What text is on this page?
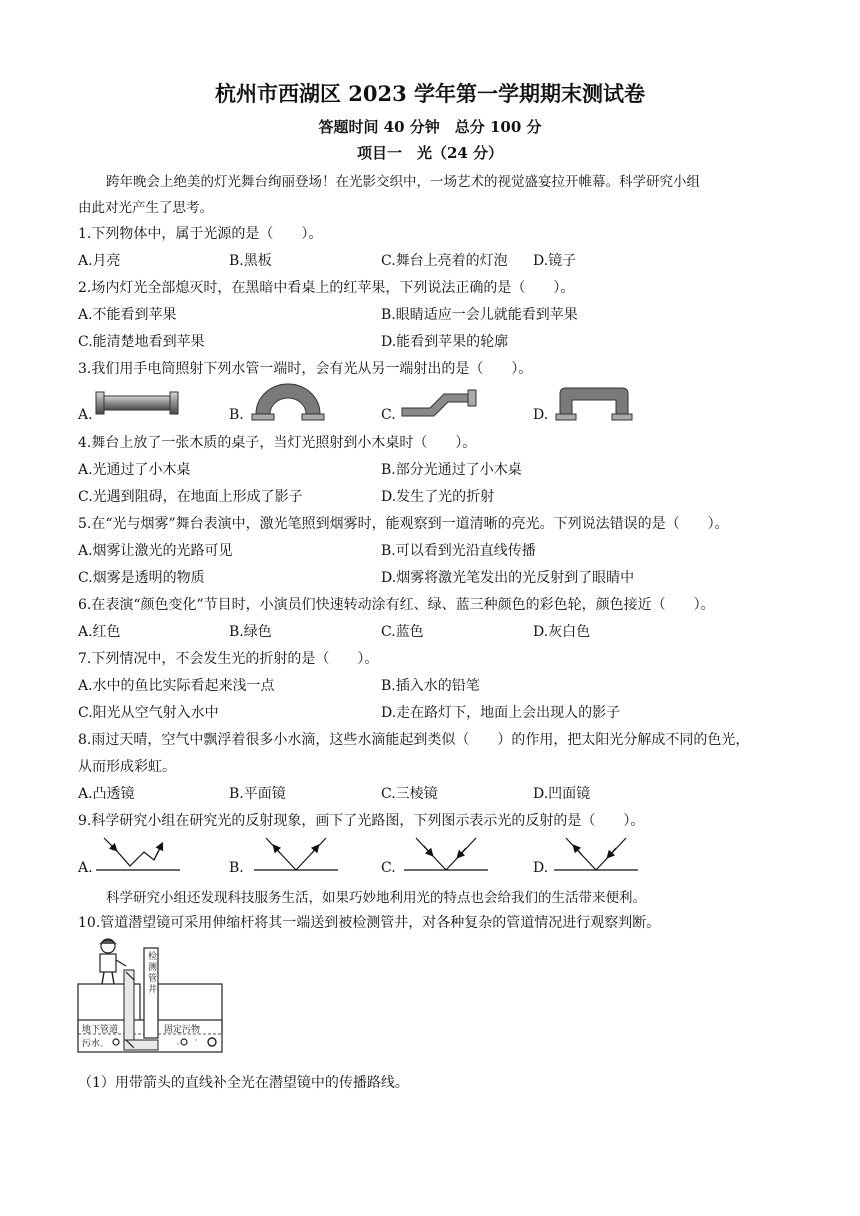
杭州市西湖区 2023 学年第一学期期末测试卷
答题时间 40 分钟　总分 100 分
项目一　光（24 分）
跨年晚会上绝美的灯光舞台绚丽登场！在光影交织中，一场艺术的视觉盛宴拉开帷幕。科学研究小组
由此对光产生了思考。
1.下列物体中，属于光源的是（　　）。
A.月亮	B.黑板	C.舞台上亮着的灯泡 D.镜子
2.场内灯光全部熄灭时，在黑暗中看桌上的红苹果，下列说法正确的是（　　）。
A.不能看到苹果	B.眼睛适应一会儿就能看到苹果
C.能清楚地看到苹果	D.能看到苹果的轮廓
3.我们用手电筒照射下列水管一端时，会有光从另一端射出的是（　　）。
A.	B.	C.	D.
4.舞台上放了一张木质的桌子，当灯光照射到小木桌时（　　）。
A.光通过了小木桌	B.部分光通过了小木桌
C.光遇到阻碍，在地面上形成了影子	D.发生了光的折射
5.在“光与烟雾”舞台表演中，激光笔照到烟雾时，能观察到一道清晰的亮光。下列说法错误的是（　　）。
A.烟雾让激光的光路可见	B.可以看到光沿直线传播
C.烟雾是透明的物质	D.烟雾将激光笔发出的光反射到了眼睛中
6.在表演“颜色变化”节目时，小演员们快速转动涂有红、绿、蓝三种颜色的彩色轮，颜色接近（　　）。
A.红色	B.绿色	C.蓝色	D.灰白色
7.下列情况中，不会发生光的折射的是（　　）。
A.水中的鱼比实际看起来浅一点	B.插入水的铅笔
C.阳光从空气射入水中	D.走在路灯下，地面上会出现人的影子
8.雨过天晴，空气中飘浮着很多小水滴，这些水滴能起到类似（　　）的作用，把太阳光分解成不同的色光，
从而形成彩虹。
A.凸透镜	B.平面镜	C.三棱镜	D.凹面镜
9.科学研究小组在研究光的反射现象，画下了光路图，下列图示表示光的反射的是（　　）。
A.	B.	C.	D.
科学研究小组还发现科技服务生活，如果巧妙地利用光的特点也会给我们的生活带来便利。
10.管道潜望镜可采用伸缩杆将其一端送到被检测管井，对各种复杂的管道情况进行观察判断。
检测管井
地下管道
污水
固定污物
（1）用带箭头的直线补全光在潜望镜中的传播路线。
